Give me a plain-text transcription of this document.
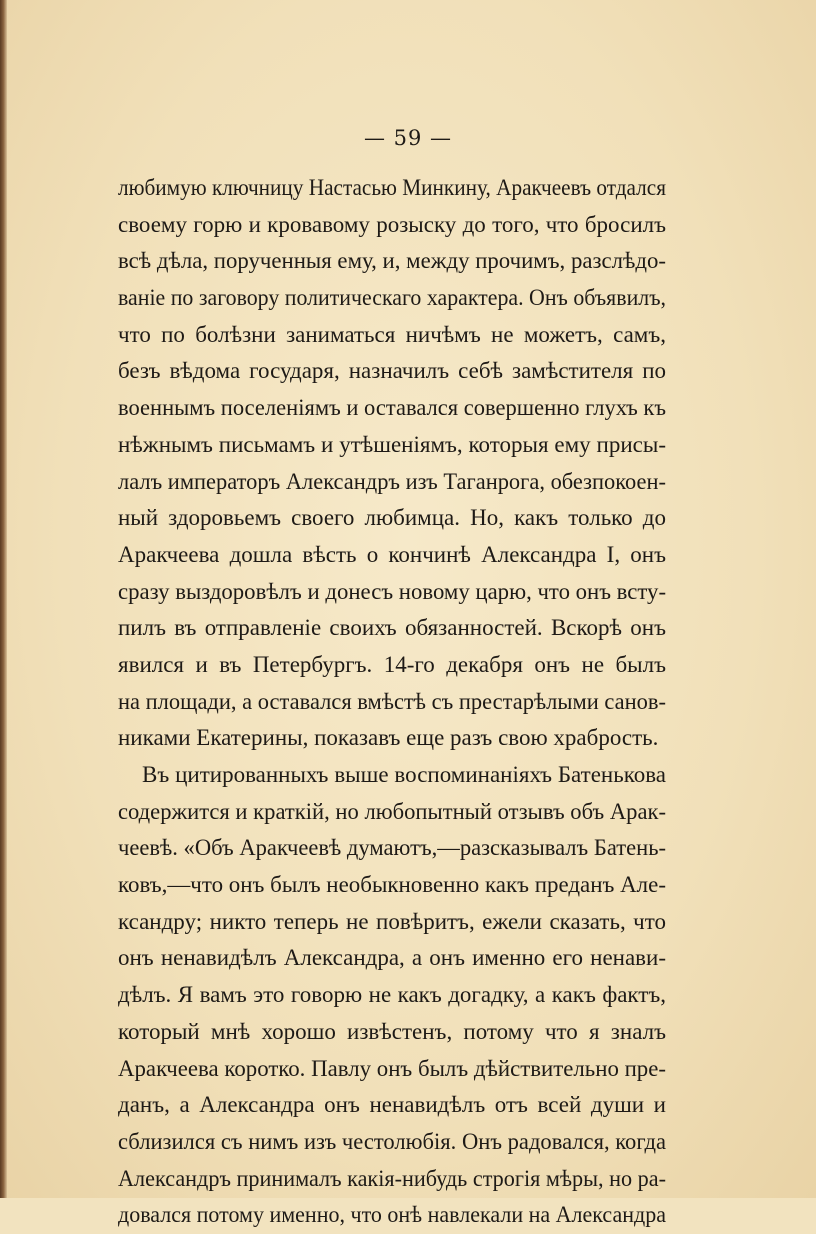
— 59 —
любимую ключницу Настасью Минкину, Аракчеевъ отдался
своему горю и кровавому розыску до того, что бросилъ
всѣ дѣла, порученныя ему, и, между прочимъ, разслѣдо-
ваніе по заговору политическаго характера. Онъ объявилъ,
что по болѣзни заниматься ничѣмъ не можетъ, самъ,
безъ вѣдома государя, назначилъ себѣ замѣстителя по
военнымъ поселеніямъ и оставался совершенно глухъ къ
нѣжнымъ письмамъ и утѣшеніямъ, которыя ему присы-
лалъ императоръ Александръ изъ Таганрога, обезпокоен-
ный здоровьемъ своего любимца. Но, какъ только до
Аракчеева дошла вѣсть о кончинѣ Александра I, онъ
сразу выздоровѣлъ и донесъ новому царю, что онъ всту-
пилъ въ отправленіе своихъ обязанностей. Вскорѣ онъ
явился и въ Петербургъ. 14-го декабря онъ не былъ
на площади, а оставался вмѣстѣ съ престарѣлыми санов-
никами Екатерины, показавъ еще разъ свою храбрость.
Въ цитированныхъ выше воспоминаніяхъ Батенькова
содержится и краткій, но любопытный отзывъ объ Арак-
чеевѣ. «Объ Аракчеевѣ думаютъ,—разсказывалъ Батень-
ковъ,—что онъ былъ необыкновенно какъ преданъ Але-
ксандру; никто теперь не повѣритъ, ежели сказать, что
онъ ненавидѣлъ Александра, а онъ именно его ненави-
дѣлъ. Я вамъ это говорю не какъ догадку, а какъ фактъ,
который мнѣ хорошо извѣстенъ, потому что я зналъ
Аракчеева коротко. Павлу онъ былъ дѣйствительно пре-
данъ, а Александра онъ ненавидѣлъ отъ всей души и
сблизился съ нимъ изъ честолюбія. Онъ радовался, когда
Александръ принималъ какія-нибудь строгія мѣры, но ра-
довался потому именно, что онѣ навлекали на Александра
